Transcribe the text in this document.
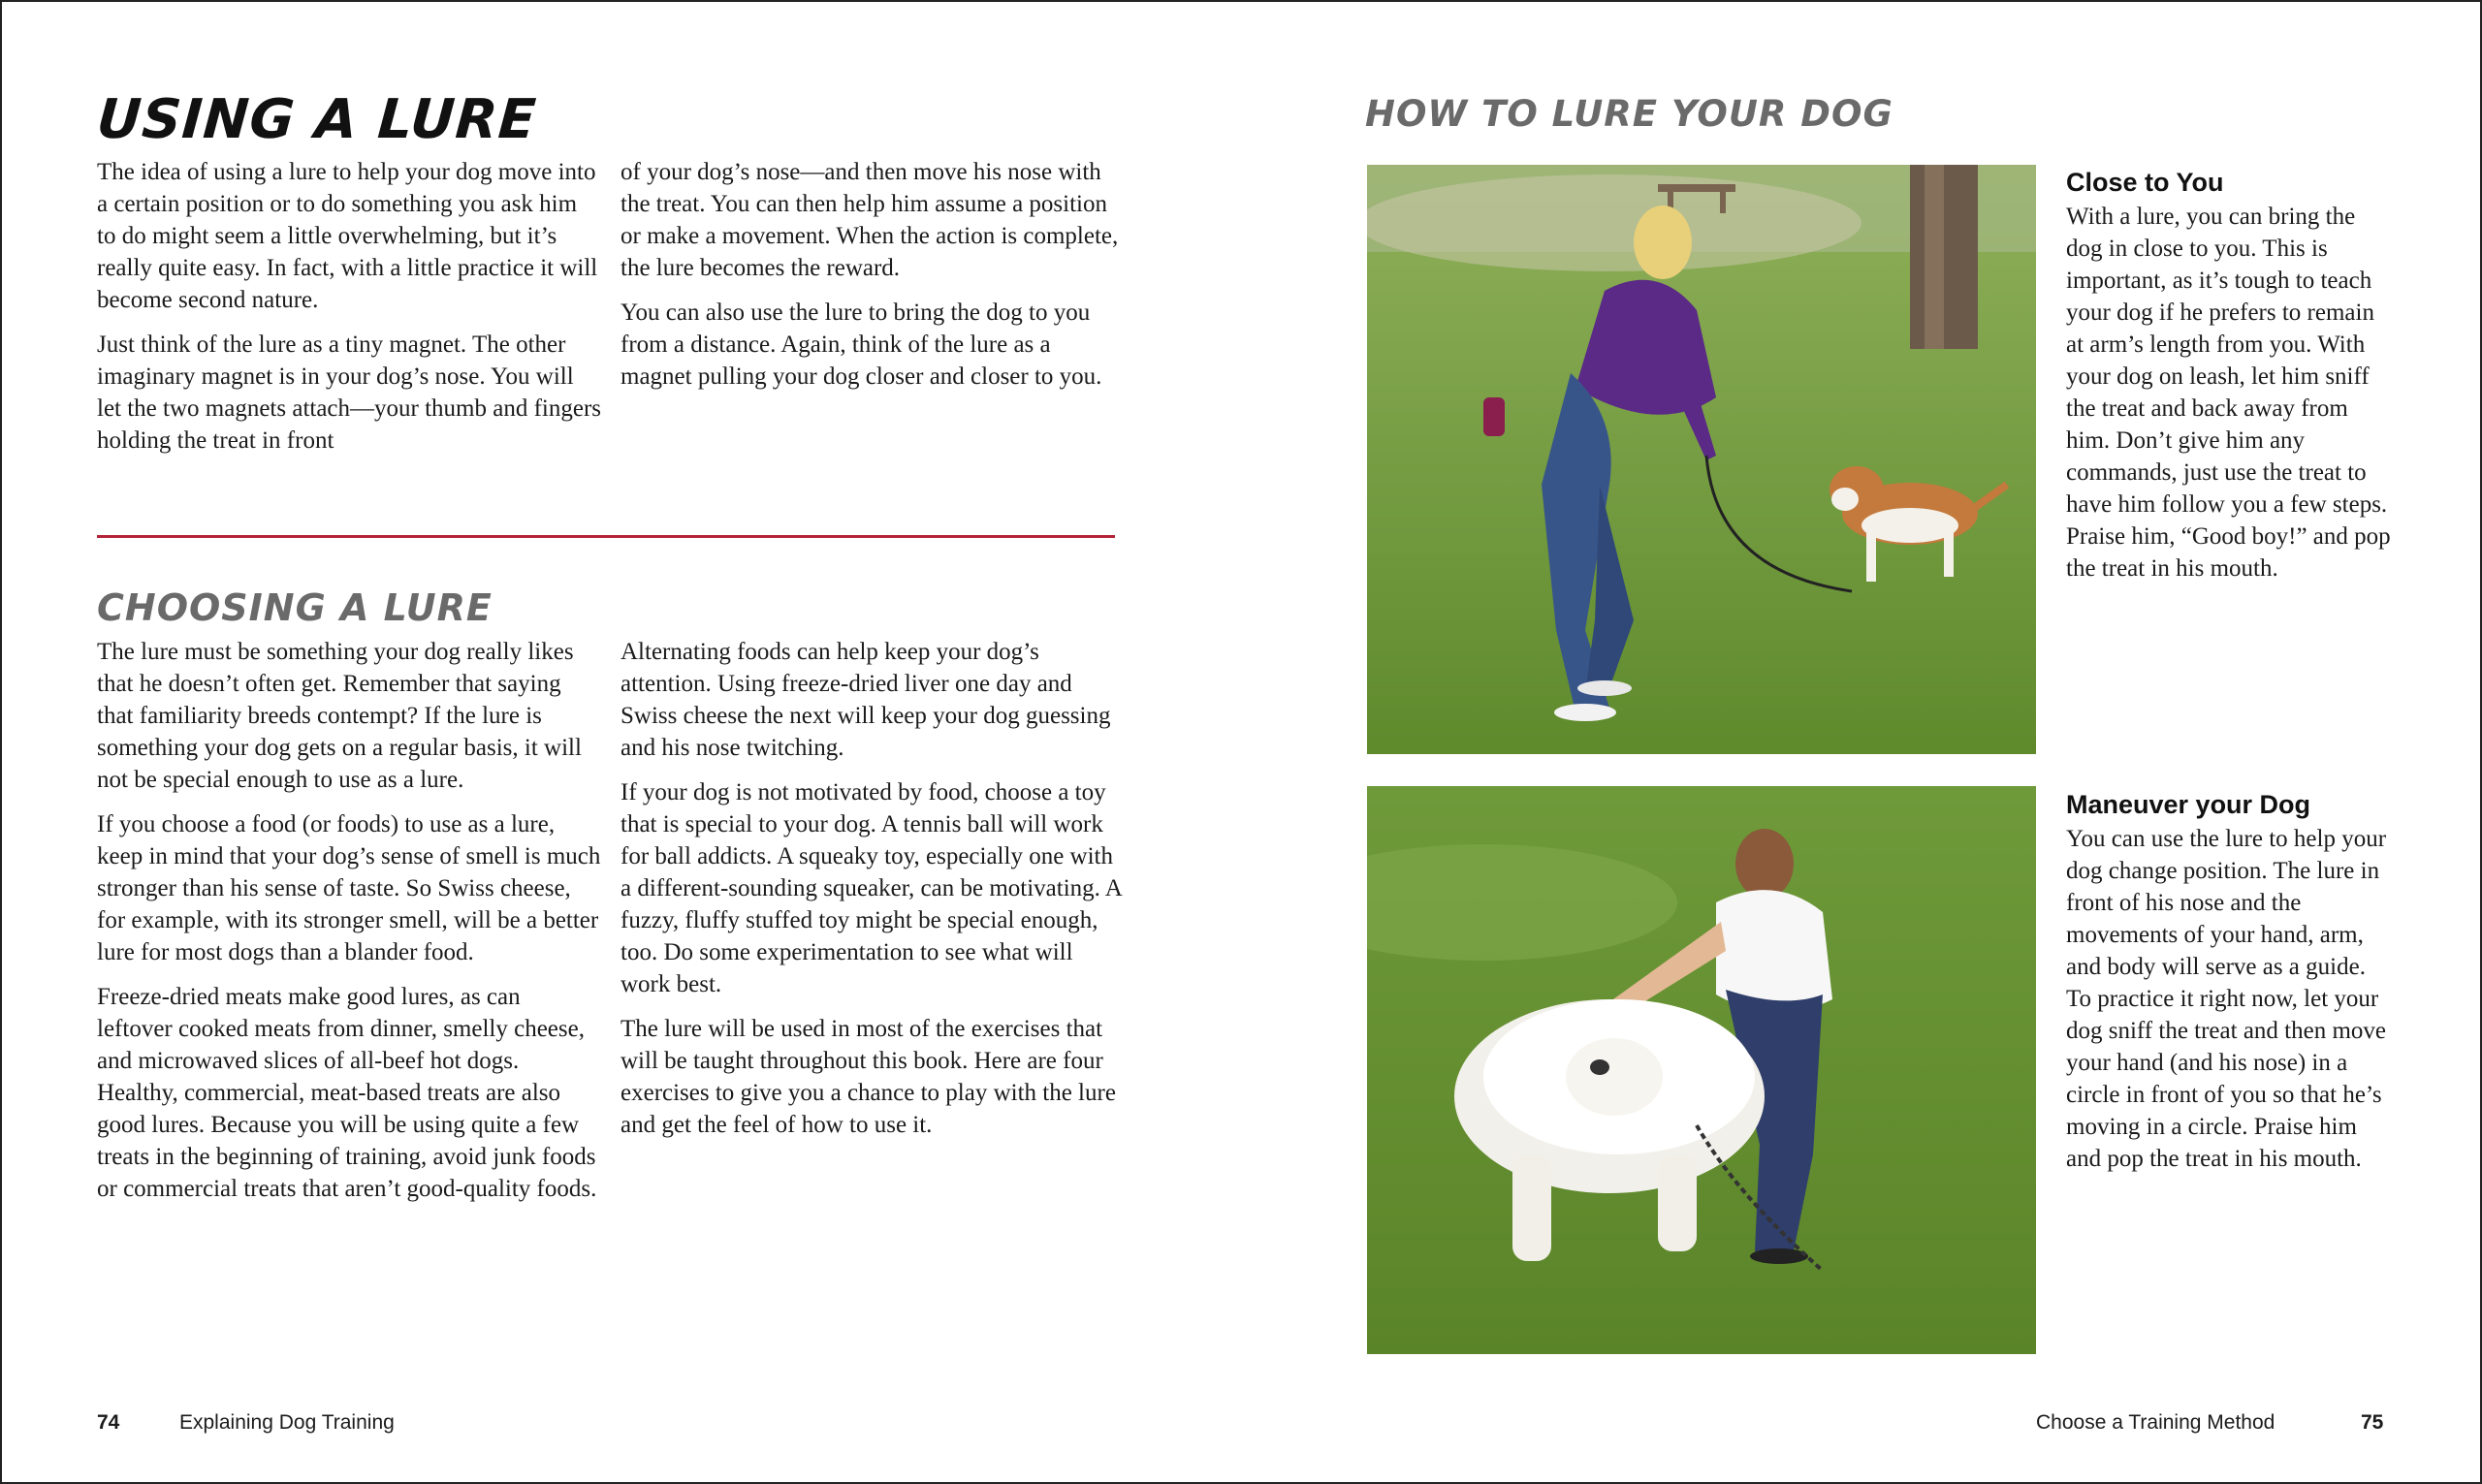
USING A LURE

The idea of using a lure to help your dog move into a certain position or to do something you ask him to do might seem a little overwhelming, but it’s really quite easy. In fact, with a little practice it will become second nature.

Just think of the lure as a tiny magnet. The other imaginary magnet is in your dog’s nose. You will let the two magnets attach—your thumb and fingers holding the treat in front

of your dog’s nose—and then move his nose with the treat. You can then help him assume a position or make a movement. When the action is complete, the lure becomes the reward.

You can also use the lure to bring the dog to you from a distance. Again, think of the lure as a magnet pulling your dog closer and closer to you.

CHOOSING A LURE

The lure must be something your dog really likes that he doesn’t often get. Remember that saying that familiarity breeds contempt? If the lure is something your dog gets on a regular basis, it will not be special enough to use as a lure.

If you choose a food (or foods) to use as a lure, keep in mind that your dog’s sense of smell is much stronger than his sense of taste. So Swiss cheese, for example, with its stronger smell, will be a better lure for most dogs than a blander food.

Freeze-dried meats make good lures, as can leftover cooked meats from dinner, smelly cheese, and microwaved slices of all-beef hot dogs. Healthy, commercial, meat-based treats are also good lures. Because you will be using quite a few treats in the beginning of training, avoid junk foods or commercial treats that aren’t good-quality foods.

Alternating foods can help keep your dog’s attention. Using freeze-dried liver one day and Swiss cheese the next will keep your dog guessing and his nose twitching.

If your dog is not motivated by food, choose a toy that is special to your dog. A tennis ball will work for ball addicts. A squeaky toy, especially one with a different-sounding squeaker, can be motivating. A fuzzy, fluffy stuffed toy might be special enough, too. Do some experimentation to see what will work best.

The lure will be used in most of the exercises that will be taught throughout this book. Here are four exercises to give you a chance to play with the lure and get the feel of how to use it.

HOW TO LURE YOUR DOG
Close to You
With a lure, you can bring the dog in close to you. This is important, as it’s tough to teach your dog if he prefers to remain at arm’s length from you. With your dog on leash, let him sniff the treat and back away from him. Don’t give him any commands, just use the treat to have him follow you a few steps. Praise him, “Good boy!” and pop the treat in his mouth.
Maneuver your Dog
You can use the lure to help your dog change position. The lure in front of his nose and the movements of your hand, arm, and body will serve as a guide. To practice it right now, let your dog sniff the treat and then move your hand (and his nose) in a circle in front of you so that he’s moving in a circle. Praise him and pop the treat in his mouth.
74	Explaining Dog Training	Choose a Training Method	75
